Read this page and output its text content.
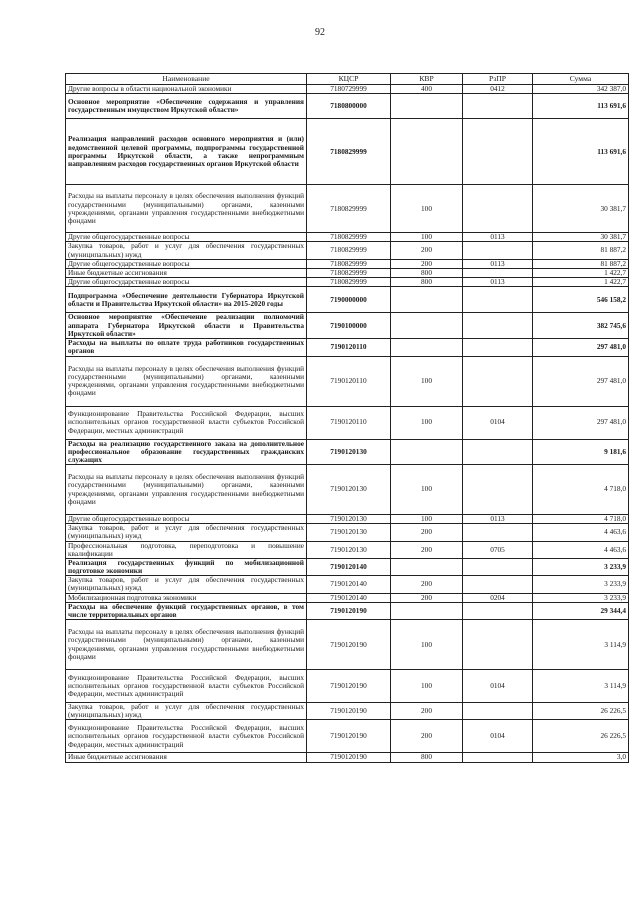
92
Наименование	КЦСР	КВР	РзПР	Сумма
Другие вопросы в области национальной экономики	7180729999	400	0412	342 387,0
Основное мероприятие «Обеспечение содержания и управления государственным имуществом Иркутской области»	7180800000			113 691,6
Реализация направлений расходов основного мероприятия и (или) ведомственной целевой программы, подпрограммы государственной программы Иркутской области, а также непрограммным направлениям расходов государственных органов Иркутской области	7180829999			113 691,6
Расходы на выплаты персоналу в целях обеспечения выполнения функций государственными (муниципальными) органами, казенными учреждениями, органами управления государственными внебюджетными фондами	7180829999	100		30 381,7
Другие общегосударственные вопросы	7180829999	100	0113	30 381,7
Закупка товаров, работ и услуг для обеспечения государственных (муниципальных) нужд	7180829999	200		81 887,2
Другие общегосударственные вопросы	7180829999	200	0113	81 887,2
Иные бюджетные ассигнования	7180829999	800		1 422,7
Другие общегосударственные вопросы	7180829999	800	0113	1 422,7
Подпрограмма «Обеспечение деятельности Губернатора Иркутской области и Правительства Иркутской области» на 2015-2020 годы	7190000000			546 158,2
Основное мероприятие «Обеспечение реализации полномочий аппарата Губернатора Иркутской области и Правительства Иркутской области»	7190100000			382 745,6
Расходы на выплаты по оплате труда работников государственных органов	7190120110			297 481,0
Расходы на выплаты персоналу в целях обеспечения выполнения функций государственными (муниципальными) органами, казенными учреждениями, органами управления государственными внебюджетными фондами	7190120110	100		297 481,0
Функционирование Правительства Российской Федерации, высших исполнительных органов государственной власти субъектов Российской Федерации, местных администраций	7190120110	100	0104	297 481,0
Расходы на реализацию государственного заказа на дополнительное профессиональное образование государственных гражданских служащих	7190120130			9 181,6
Расходы на выплаты персоналу в целях обеспечения выполнения функций государственными (муниципальными) органами, казенными учреждениями, органами управления государственными внебюджетными фондами	7190120130	100		4 718,0
Другие общегосударственные вопросы	7190120130	100	0113	4 718,0
Закупка товаров, работ и услуг для обеспечения государственных (муниципальных) нужд	7190120130	200		4 463,6
Профессиональная подготовка, переподготовка и повышение квалификации	7190120130	200	0705	4 463,6
Реализация государственных функций по мобилизационной подготовке экономики	7190120140			3 233,9
Закупка товаров, работ и услуг для обеспечения государственных (муниципальных) нужд	7190120140	200		3 233,9
Мобилизационная подготовка экономики	7190120140	200	0204	3 233,9
Расходы на обеспечение функций государственных органов, в том числе территориальных органов	7190120190			29 344,4
Расходы на выплаты персоналу в целях обеспечения выполнения функций государственными (муниципальными) органами, казенными учреждениями, органами управления государственными внебюджетными фондами	7190120190	100		3 114,9
Функционирование Правительства Российской Федерации, высших исполнительных органов государственной власти субъектов Российской Федерации, местных администраций	7190120190	100	0104	3 114,9
Закупка товаров, работ и услуг для обеспечения государственных (муниципальных) нужд	7190120190	200		26 226,5
Функционирование Правительства Российской Федерации, высших исполнительных органов государственной власти субъектов Российской Федерации, местных администраций	7190120190	200	0104	26 226,5
Иные бюджетные ассигнования	7190120190	800		3,0
